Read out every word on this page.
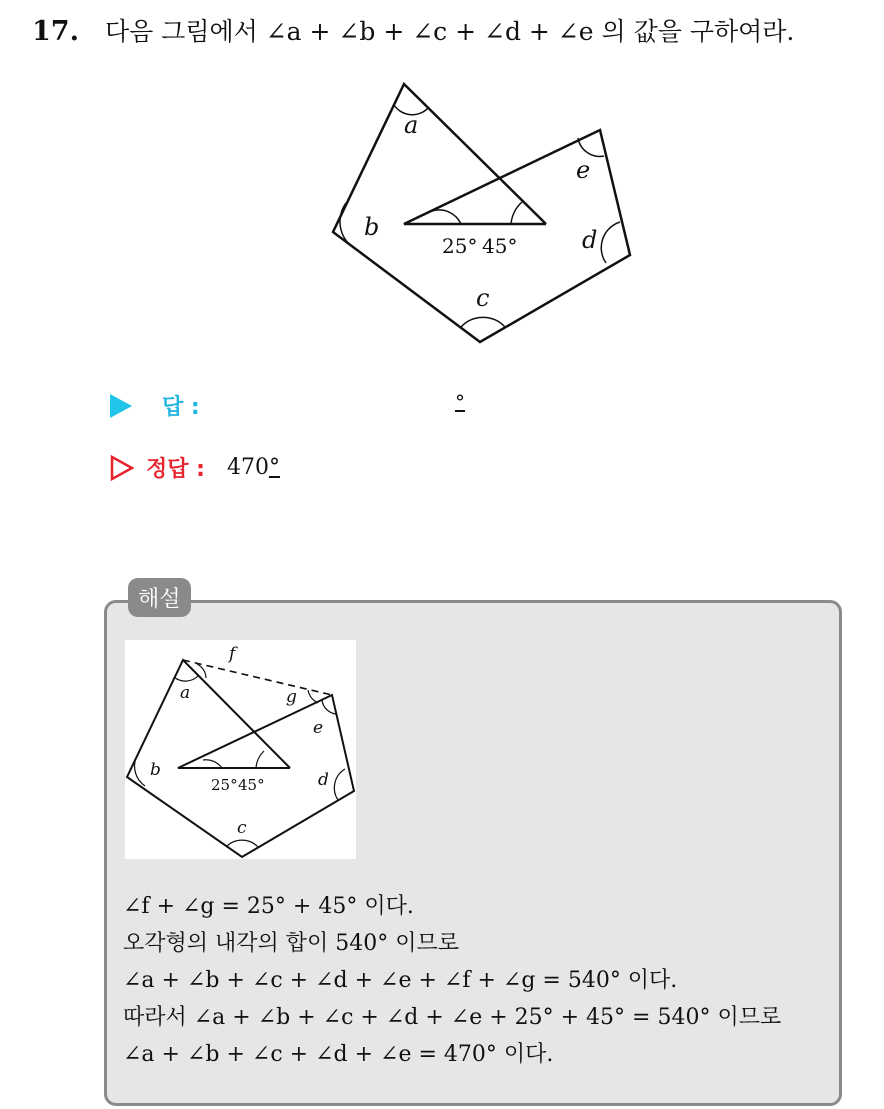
17. 다음 그림에서 ∠a + ∠b + ∠c + ∠d + ∠e 의 값을 구하여라.
a
b
c
d
e
25° 45°
답 :	°
정답 : 470°
해설
a
b
c
d
e
f
g
25° 45°
∠f + ∠g = 25° + 45° 이다.
오각형의 내각의 합이 540° 이므로
∠a + ∠b + ∠c + ∠d + ∠e + ∠f + ∠g = 540° 이다.
따라서 ∠a + ∠b + ∠c + ∠d + ∠e + 25° + 45° = 540° 이므로
∠a + ∠b + ∠c + ∠d + ∠e = 470° 이다.
